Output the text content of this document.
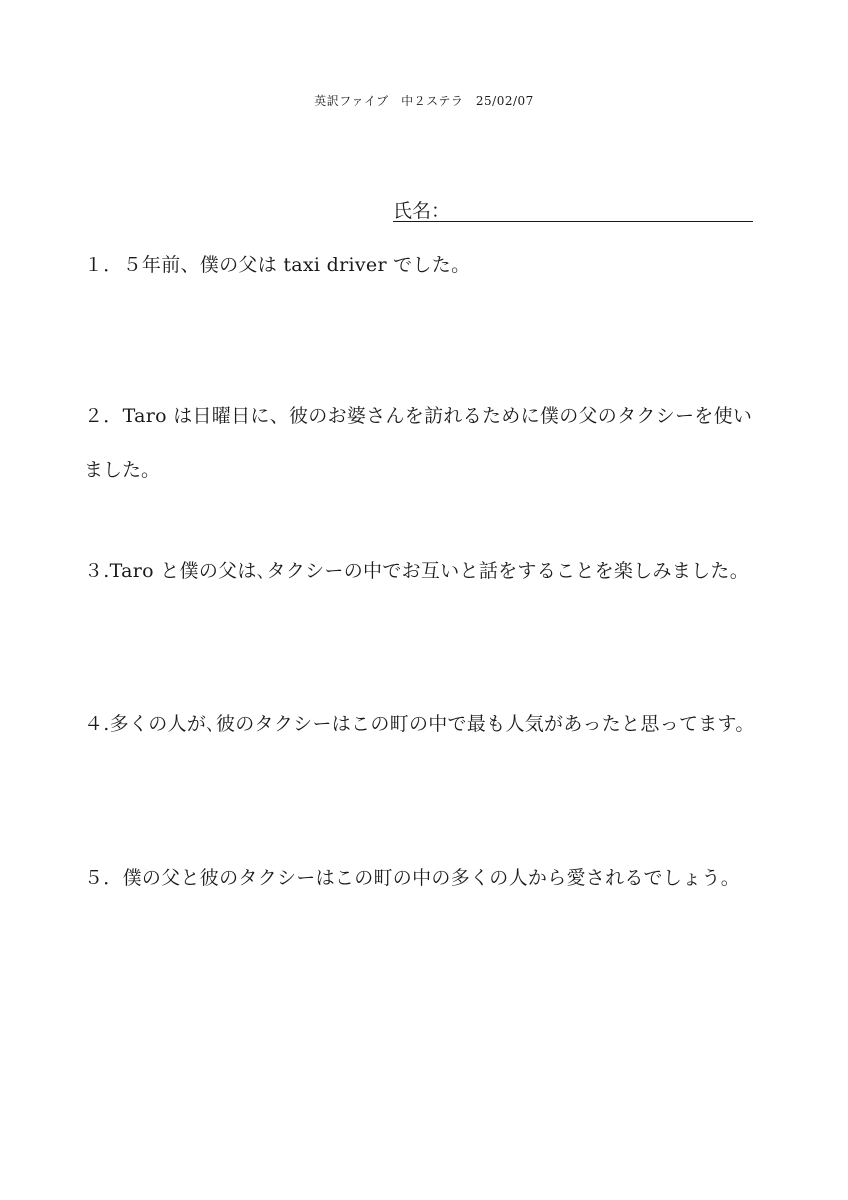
英訳ファイブ　中２ステラ　25/02/07
氏名：
１．５年前、僕の父は taxi driver でした。
２．Taro は日曜日に、彼のお婆さんを訪れるために僕の父のタクシーを使い
ました。
３.Taro と僕の父は､タクシーの中でお互いと話をすることを楽しみました。
４.多くの人が､彼のタクシーはこの町の中で最も人気があったと思ってます。
５．僕の父と彼のタクシーはこの町の中の多くの人から愛されるでしょう。
